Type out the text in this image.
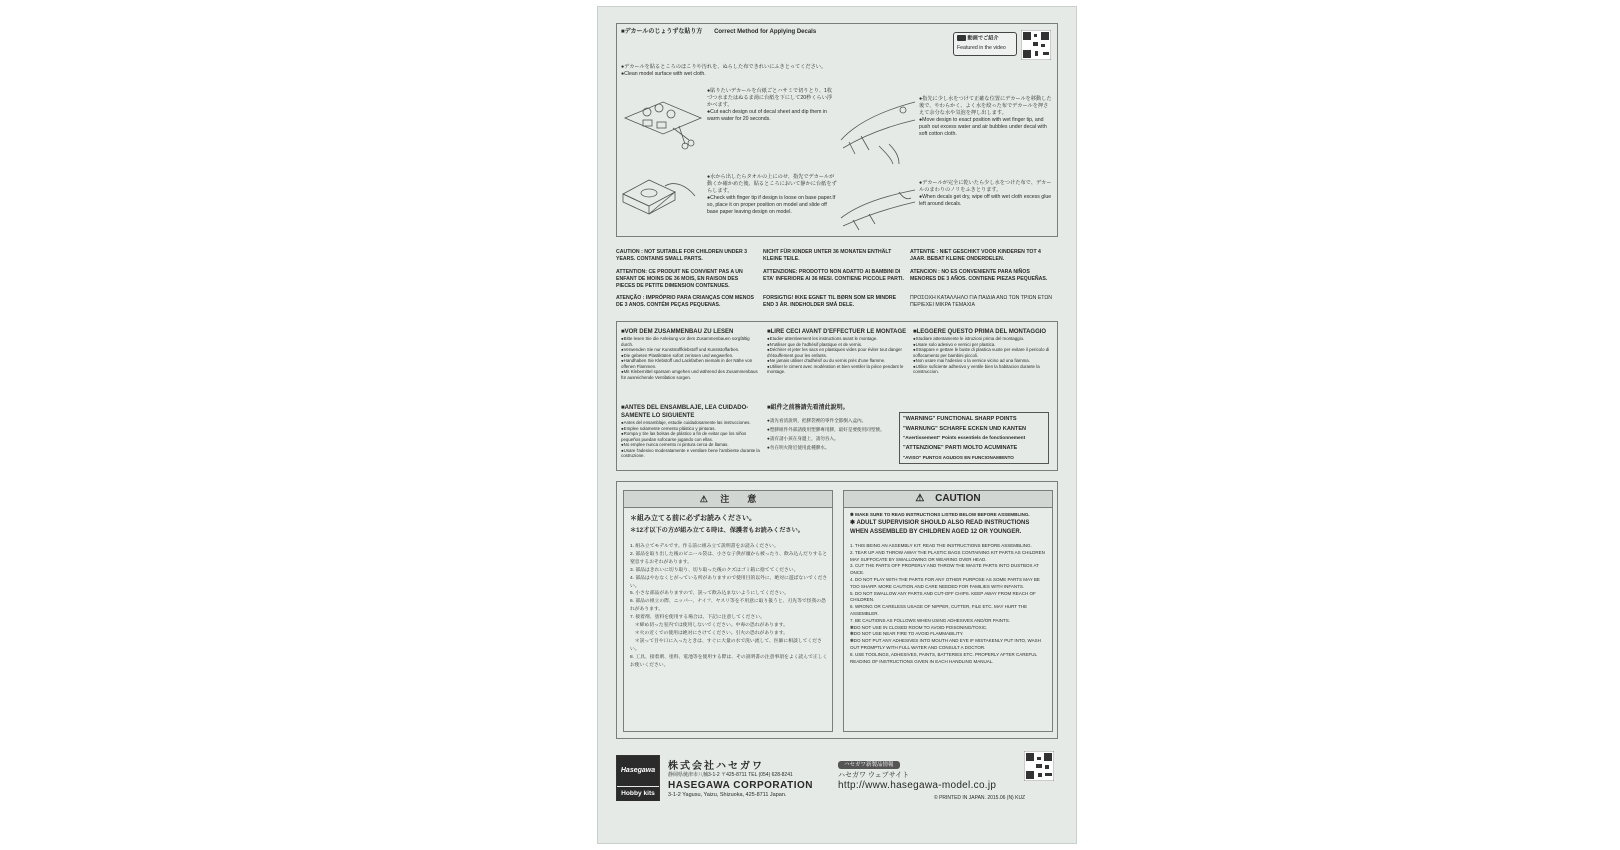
■デカールのじょうずな貼り方 Correct Method for Applying Decals
動画でご紹介
Featured in the video
●デカールを貼るところのほこりや汚れを、ぬらした布できれいにふきとってください。
●Clean model surface with wet cloth.
●貼りたいデカールを台紙ごとハサミで切りとり、1枚づつ水またはぬるま湯に台紙を下にして20秒くらい浮かべます。
●Cut each design out of decal sheet and dip them in warm water for 20 seconds.
●水から出したらタオルの上にのせ、指先でデカールが動くか確かめた後、貼るところにおいて静かに台紙をずらします。
●Check with finger tip if design is loose on base paper.If so, place it on proper position on model and slide off base paper leaving design on model.
●指先に少し水をつけて正確な位置にデカールを移動した後で、やわらかく、よく水を絞った布でデカールを押さえて余分な水や気泡を押し出します。
●Move design to exact position with wet finger tip, and push out excess water and air bubbles under decal with soft cotton cloth.
●デカールが完全に乾いたら少し水をつけた布で、デカールのまわりのノリをふきとります。
●When decals get dry, wipe off with wet cloth excess glue left around decals.
CAUTION : NOT SUITABLE FOR CHILDREN UNDER 3 YEARS. CONTAINS SMALL PARTS.
NICHT FÜR KINDER UNTER 36 MONATEN ENTHÄLT KLEINE TEILE.
ATTENTIE : NIET GESCHIKT VOOR KINDEREN TOT 4 JAAR. BEBAT KLEINE ONDERDELEN.
ATTENTION: CE PRODUIT NE CONVIENT PAS A UN ENFANT DE MOINS DE 36 MOIS, EN RAISON DES PIECES DE PETITE DIMENSION CONTENUES.
ATTENZIONE: PRODOTTO NON ADATTO AI BAMBINI DI ETA' INFERIORE AI 36 MESI. CONTIENE PICCOLE PARTI.
ATENCION : NO ES CONVENIENTE PARA NIÑOS MENORES DE 3 AÑOS. CONTIENE PIEZAS PEQUEÑAS.
ATENÇÃO : IMPRÓPRIO PARA CRIANÇAS COM MENOS DE 3 ANOS. CONTÉM PEÇAS PEQUENAS.
FORSIGTIG! IKKE EGNET TIL BØRN SOM ER MINDRE END 3 ÅR. INDEHOLDER SMÅ DELE.
ΠΡΟΣΟΧΗ ΚΑΤΑΛΛΗΛΟ ΓΙΑ ΠΑΙΔΙΑ ΑΝΩ ΤΩΝ ΤΡΙΩΝ ΕΤΩΝ ΠΕΡΙΕΧΕΙ ΜΙΚΡΑ ΤΕΜΑΧΙΑ
■VOR DEM ZUSAMMENBAU ZU LESEN
●Bitte lesen Sie die Anleitung vor dem Zusammenbauen sorgfältig durch.
●Verwenden Sie nur Kunststoffklebstoff und Kunststoffarben.
●Die gebeten Plastiktüten sofort zerissen und wegwerfen.
●Handhaben Sie Klebstoff und Lackfarben niemals in der Nähe von offenen Flammen.
●Mit Klebemittel sparsam umgehen und während des Zusammenbaus für ausreichende Ventilation sorgen.
■LIRE CECI AVANT D'EFFECTUER LE MONTAGE
●Etudier attentivement les instructions avant le montage.
●N'utiliser que de l'adhésif plastique et de vernis.
●Déchirer et jeter les sacs en plastiques vides pour éviter tout danger d'étouffement pour les enfants.
●Ne jamais utiliser d'adhésif ou du vernis près d'une flamme.
●Utiliser le ciment avec modération et bien ventiler la pièce pendant le montage.
■LEGGERE QUESTO PRIMA DEL MONTAGGIO
●Studiare attentamente le istruzioni prima del montaggio.
●Usare solo adesivo e vernici per plastica.
●Strappare e gettare le buste di plastica vuote per evitare il pericolo di soffocamento per bambini piccoli.
●Non usare mai l'adesivo o la vernice vicino ad una fiamma.
●Utilice suficiente adhesivo y ventile bien la habitacion durante la construccion.
■ANTES DEL ENSAMBLAJE, LEA CUIDADO-SAMENTE LO SIGUIENTE
●Antes del ensamblaje, estudie cuidadosamente las instrucciones.
●Emplee solamente cemento plástico y pinturas.
●Rompa y tire las bolsas de plástico a fin de evitar que los niños pequeños puedan sofocarse jugando con ellas.
●No emplee nunca cemento ni pintura cerca de llamas.
●Usare l'adesivo moderatamente e ventilare bene l'ambiente durante la costruzione.
■組件之前務請先看清此說明。
●請先看清說明，把膠袋裡的零件全都倒入盒內。
●塑膠組件外部請使用塑膠專用膠，最好是要使用同型號。
●請有請小孩在身邊上，請勿吞入。
●勿在明火附近使用此種膠水。
"WARNING" FUNCTIONAL SHARP POINTS
"WARNUNG" SCHARFE ECKEN UND KANTEN
"Avertissement" Points essentiels de fonctionnement
"ATTENZIONE" PARTI MOLTO ACUMINATE
"AVISO" PUNTOS AGUDOS EN FUNCIONAMIENTO
⚠ 注　　意
＊組み立てる前に必ずお読みください。
＊12才以下の方が組み立てる時は、保護者もお読みください。
1. 組み立てモデルです。作る前に組み立て説明書をお読みください。
2. 部品を取り出した後のビニール袋は、小さな子供が頭から被ったり、飲み込んだりすると窒息するおそれがあります。
3. 部品はきれいに切り取り、切り取った後のクズはゴミ箱に捨ててください。
4. 部品はやむなくとがっている所がありますので使用目的以外に、絶対に遊ばないでください。
5. 小さな部品がありますので、誤って飲み込まないようにしてください。
6. 部品の組立の際、ニッパー、ナイフ、ヤスリ等を不用意に取り扱うと、刃先等で怪我の恐れがあります。
7. 接着剤、塗料を使用する場合は、下記に注意してください。
　＊締め切った室内では使用しないでください。中毒の恐れがあります。
　＊火の近くでの使用は絶対にさけてください。引火の恐れがあります。
　＊誤って目や口に入ったときは、すぐに大量の水で洗い流して、医師に相談してください。
8. 工具、接着剤、塗料、電池等を使用する際は、その説明書の注意事項をよく読んで正しくお使いください。
⚠ CAUTION
✽ MAKE SURE TO READ INSTRUCTIONS LISTED BELOW BEFORE ASSEMBLING.
✽ ADULT SUPERVISIOR SHOULD ALSO READ INSTRUCTIONS WHEN ASSEMBLED BY CHILDREN AGED 12 OR YOUNGER.
1. THIS BEING AN ASSEMBLY KIT. READ THE INSTRUCTIONS BEFORE ASSEMBLING.
2. TEAR UP AND THROW AWAY THE PLASTIC BAGS CONTAINING KIT PARTS AS CHILDREN MAY SUFFOCATE BY SWALLOWING OR WEARING OVER HEAD.
3. CUT THE PARTS OFF PROPERLY AND THROW THE WASTE PARTS INTO DUSTBOX AT ONCE.
4. DO NOT PLAY WITH THE PARTS FOR ANY OTHER PURPOSE AS SOME PARTS MAY BE TOO SHARP. MORE CAUTION AND CARE NEEDED FOR FAMILIES WITH INFANTS.
5. DO NOT SWALLOW ANY PARTS AND CUT-OFF CHIPS. KEEP AWAY FROM REACH OF CHILDREN.
6. WRONG OR CARELESS USAGE OF NIPPER, CUTTER, FILE ETC. MAY HURT THE ASSEMBLER.
7. BE CAUTIONS AS FOLLOWS WHEN USING ADHESIVES AND/OR PAINTS.
✽DO NOT USE IN CLOSED ROOM TO AVOID POISONING/TOXIC.
✽DO NOT USE NEAR FIRE TO AVOID FLAMMABILITY.
✽DO NOT PUT ANY ADHESIVES INTO MOUTH AND EYE IF MISTAKENLY PUT INTO, WASH OUT PROMPTLY WITH FULL WATER AND CONSULT A DOCTOR.
8. USE TOOLINGS, ADHESIVES, PAINTS, BATTERIES ETC. PROPERLY AFTER CAREFUL READING OF INSTRUCTIONS GIVEN IN EACH HANDLING MANUAL.
Hasegawa
Hobby kits
株式会社ハセガワ
静岡県焼津市八楠3-1-2 〒425-8711 TEL (054) 628-8241
HASEGAWA CORPORATION
3-1-2 Yagusu, Yaizu, Shizuoka, 425-8711 Japan.
ハセガワ新製品情報
ハセガワ ウェブサイト
http://www.hasegawa-model.co.jp
© PRINTED IN JAPAN. 2015.06 (N) KUZ
